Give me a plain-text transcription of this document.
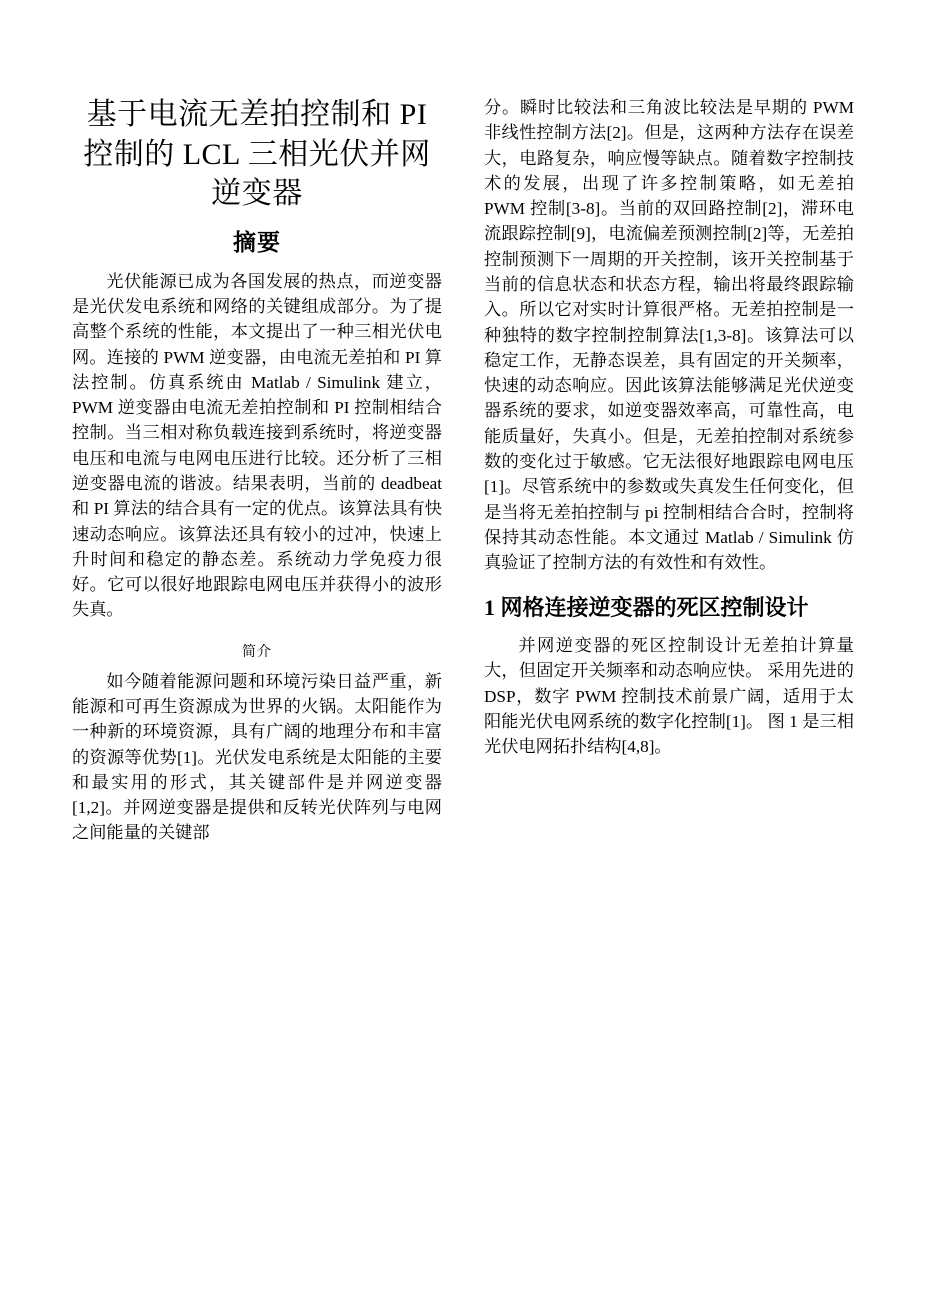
基于电流无差拍控制和 PI 控制的 LCL 三相光伏并网逆变器
摘要

光伏能源已成为各国发展的热点，而逆变器是光伏发电系统和网络的关键组成部分。为了提高整个系统的性能，本文提出了一种三相光伏电网。连接的 PWM 逆变器，由电流无差拍和 PI 算法控制。仿真系统由 Matlab / Simulink 建立，PWM 逆变器由电流无差拍控制和 PI 控制相结合控制。当三相对称负载连接到系统时，将逆变器电压和电流与电网电压进行比较。还分析了三相逆变器电流的谐波。结果表明，当前的 deadbeat 和 PI 算法的结合具有一定的优点。该算法具有快速动态响应。该算法还具有较小的过冲，快速上升时间和稳定的静态差。系统动力学免疫力很好。它可以很好地跟踪电网电压并获得小的波形失真。

简介

如今随着能源问题和环境污染日益严重，新能源和可再生资源成为世界的火锅。太阳能作为一种新的环境资源，具有广阔的地理分布和丰富的资源等优势[1]。光伏发电系统是太阳能的主要和最实用的形式，其关键部件是并网逆变器[1,2]。并网逆变器是提供和反转光伏阵列与电网之间能量的关键部

分。瞬时比较法和三角波比较法是早期的 PWM 非线性控制方法[2]。但是，这两种方法存在误差大，电路复杂，响应慢等缺点。随着数字控制技术的发展，出现了许多控制策略，如无差拍 PWM 控制[3-8]。当前的双回路控制[2]，滞环电流跟踪控制[9]，电流偏差预测控制[2]等，无差拍控制预测下一周期的开关控制，该开关控制基于当前的信息状态和状态方程，输出将最终跟踪输入。所以它对实时计算很严格。无差拍控制是一种独特的数字控制控制算法[1,3-8]。该算法可以稳定工作，无静态误差，具有固定的开关频率，快速的动态响应。因此该算法能够满足光伏逆变器系统的要求，如逆变器效率高，可靠性高，电能质量好，失真小。但是，无差拍控制对系统参数的变化过于敏感。它无法很好地跟踪电网电压[1]。尽管系统中的参数或失真发生任何变化，但是当将无差拍控制与 pi 控制相结合合时，控制将保持其动态性能。本文通过 Matlab / Simulink 仿真验证了控制方法的有效性和有效性。

1 网格连接逆变器的死区控制设计

并网逆变器的死区控制设计无差拍计算量大，但固定开关频率和动态响应快。 采用先进的 DSP，数字 PWM 控制技术前景广阔，适用于太阳能光伏电网系统的数字化控制[1]。 图 1 是三相光伏电网拓扑结构[4,8]。
